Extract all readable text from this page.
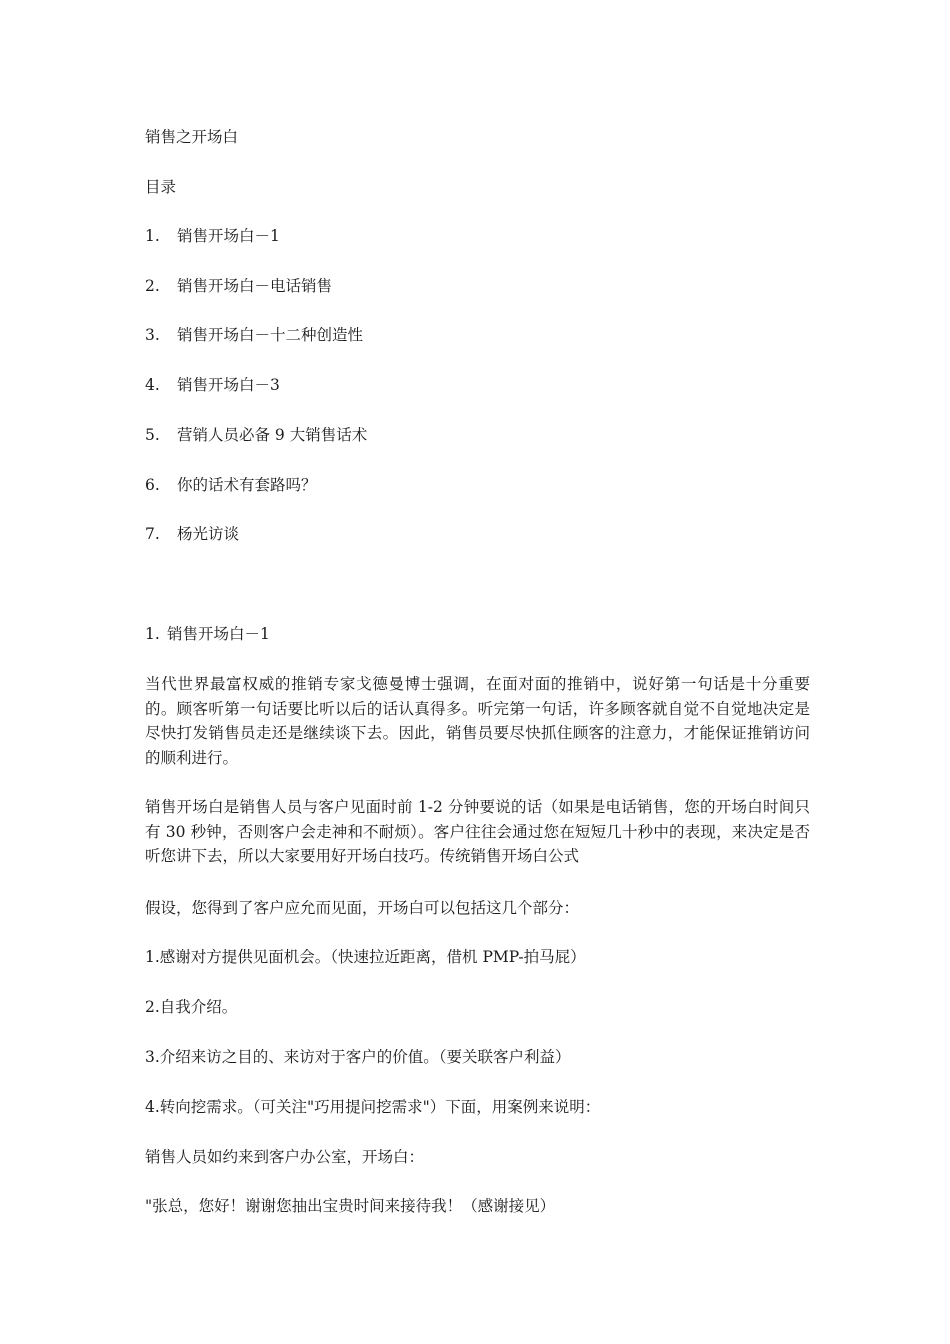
销售之开场白
目录
1. 销售开场白－1
2. 销售开场白－电话销售
3. 销售开场白－十二种创造性
4. 销售开场白－3
5. 营销人员必备 9 大销售话术
6. 你的话术有套路吗？
7. 杨光访谈
1. 销售开场白－1
当代世界最富权威的推销专家戈德曼博士强调，在面对面的推销中，说好第一句话是十分重要的。顾客听第一句话要比听以后的话认真得多。听完第一句话，许多顾客就自觉不自觉地决定是尽快打发销售员走还是继续谈下去。因此，销售员要尽快抓住顾客的注意力，才能保证推销访问的顺利进行。
销售开场白是销售人员与客户见面时前 1-2 分钟要说的话（如果是电话销售，您的开场白时间只有 30 秒钟，否则客户会走神和不耐烦）。客户往往会通过您在短短几十秒中的表现，来决定是否听您讲下去，所以大家要用好开场白技巧。传统销售开场白公式
假设，您得到了客户应允而见面，开场白可以包括这几个部分：
1.感谢对方提供见面机会。（快速拉近距离，借机 PMP-拍马屁）
2.自我介绍。
3.介绍来访之目的、来访对于客户的价值。（要关联客户利益）
4.转向挖需求。（可关注"巧用提问挖需求"）下面，用案例来说明：
销售人员如约来到客户办公室，开场白：
"张总，您好！谢谢您抽出宝贵时间来接待我！（感谢接见）
